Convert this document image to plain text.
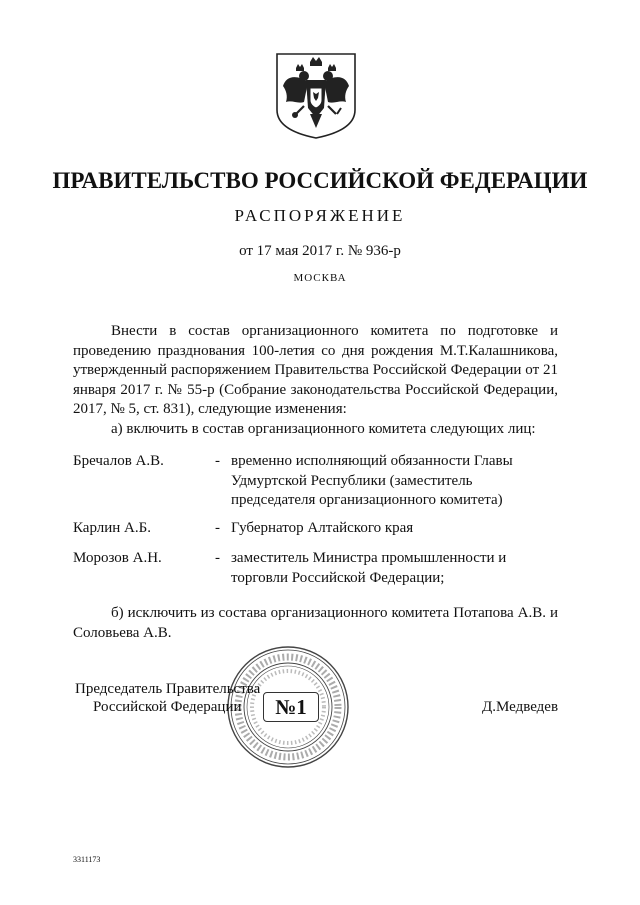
ПРАВИТЕЛЬСТВО РОССИЙСКОЙ ФЕДЕРАЦИИ
РАСПОРЯЖЕНИЕ
от 17 мая 2017 г. № 936-р
МОСКВА

Внести в состав организационного комитета по подготовке и проведению празднования 100-летия со дня рождения М.Т.Калашникова, утвержденный распоряжением Правительства Российской Федерации от 21 января 2017 г. № 55-р (Собрание законодательства Российской Федерации, 2017, № 5, ст. 831), следующие изменения:

а) включить в состав организационного комитета следующих лиц:

Бречалов А.В.	- временно исполняющий обязанности Главы Удмуртской Республики (заместитель председателя организационного комитета)
Карлин А.Б.	- Губернатор Алтайского края
Морозов А.Н.	- заместитель Министра промышленности и торговли Российской Федерации;

б) исключить из состава организационного комитета Потапова А.В. и Соловьева А.В.

Председатель Правительства
Российской Федерации	№1	Д.Медведев
3311173
